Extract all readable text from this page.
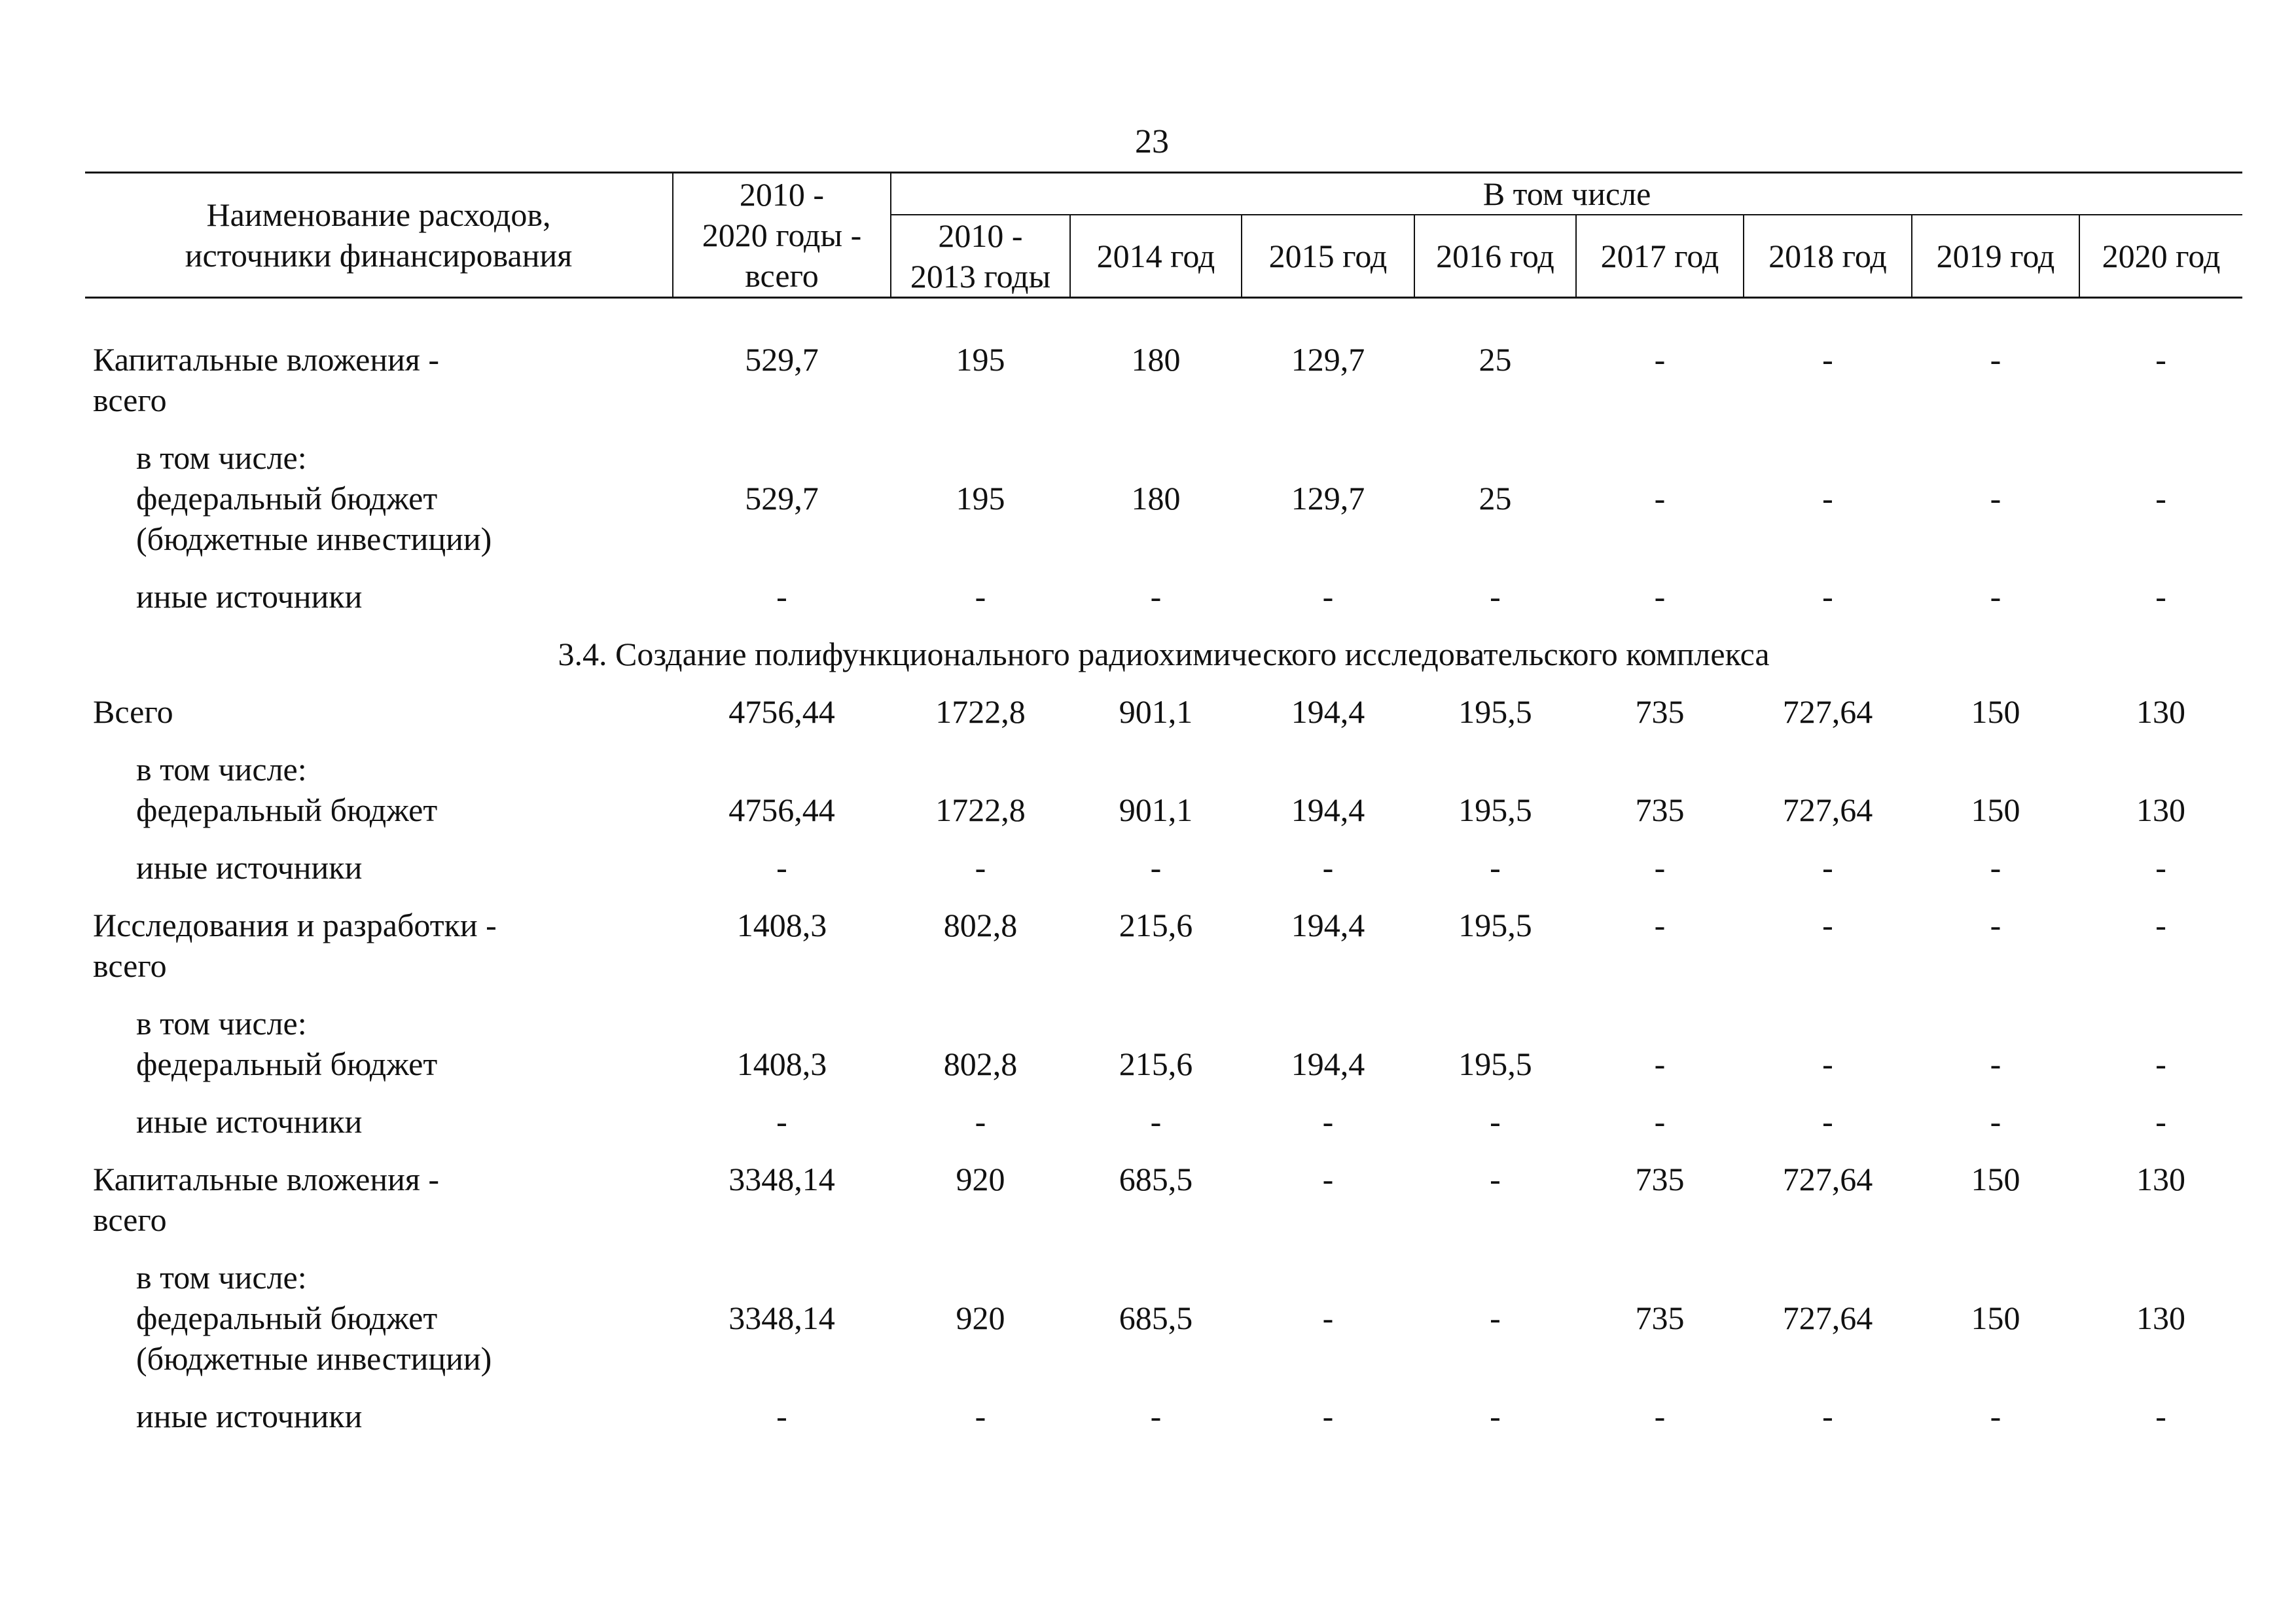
23
Наименование расходов,
источники финансирования	2010 -
2020 годы -
всего	В том числе							

		2010 -
2013 годы	2014 год	2015 год	2016 год	2017 год	2018 год	2019 год	2020 год

Капитальные вложения -
всего	529,7	195	180	129,7	25	-	-	-	-

в том числе:
федеральный бюджет
(бюджетные инвестиции)	529,7	195	180	129,7	25	-	-	-	-

иные источники	-	-	-	-	-	-	-	-	-

3.4. Создание полифункционального радиохимического исследовательского комплекса									

Всего	4756,44	1722,8	901,1	194,4	195,5	735	727,64	150	130

в том числе:
федеральный бюджет	4756,44	1722,8	901,1	194,4	195,5	735	727,64	150	130

иные источники	-	-	-	-	-	-	-	-	-

Исследования и разработки -
всего	1408,3	802,8	215,6	194,4	195,5	-	-	-	-

в том числе:
федеральный бюджет	1408,3	802,8	215,6	194,4	195,5	-	-	-	-

иные источники	-	-	-	-	-	-	-	-	-

Капитальные вложения -
всего	3348,14	920	685,5	-	-	735	727,64	150	130

в том числе:
федеральный бюджет
(бюджетные инвестиции)	3348,14	920	685,5	-	-	735	727,64	150	130

иные источники	-	-	-	-	-	-	-	-	-
